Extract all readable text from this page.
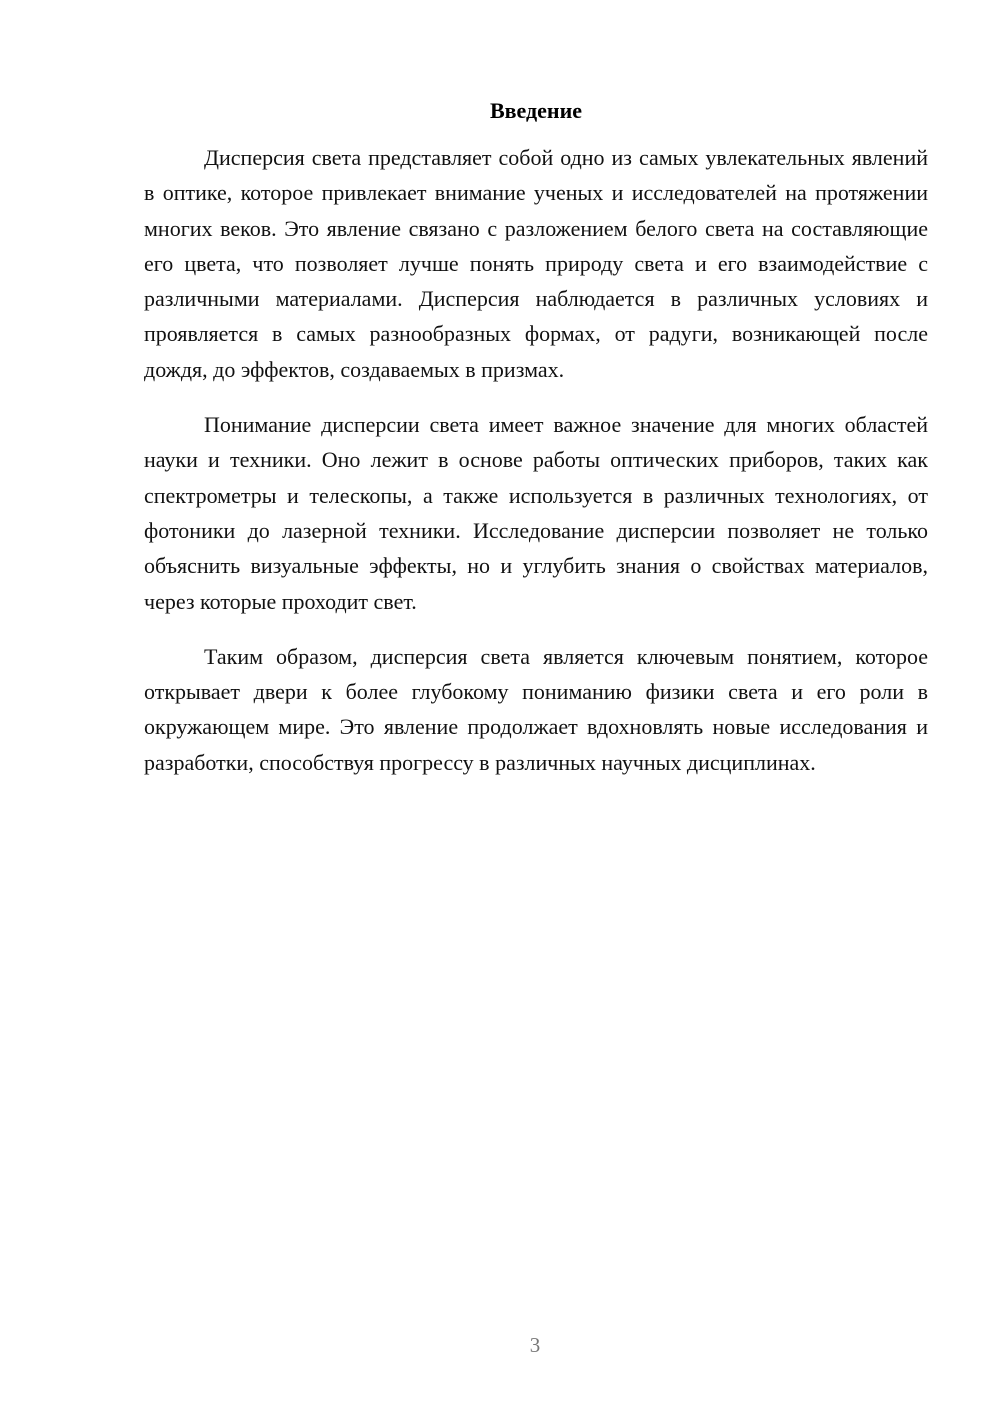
Введение

Дисперсия света представляет собой одно из самых увлекательных явлений в оптике, которое привлекает внимание ученых и исследователей на протяжении многих веков. Это явление связано с разложением белого света на составляющие его цвета, что позволяет лучше понять природу света и его взаимодействие с различными материалами. Дисперсия наблюдается в различных условиях и проявляется в самых разнообразных формах, от радуги, возникающей после дождя, до эффектов, создаваемых в призмах.

Понимание дисперсии света имеет важное значение для многих областей науки и техники. Оно лежит в основе работы оптических приборов, таких как спектрометры и телескопы, а также используется в различных технологиях, от фотоники до лазерной техники. Исследование дисперсии позволяет не только объяснить визуальные эффекты, но и углубить знания о свойствах материалов, через которые проходит свет.

Таким образом, дисперсия света является ключевым понятием, которое открывает двери к более глубокому пониманию физики света и его роли в окружающем мире. Это явление продолжает вдохновлять новые исследования и разработки, способствуя прогрессу в различных научных дисциплинах.

3
